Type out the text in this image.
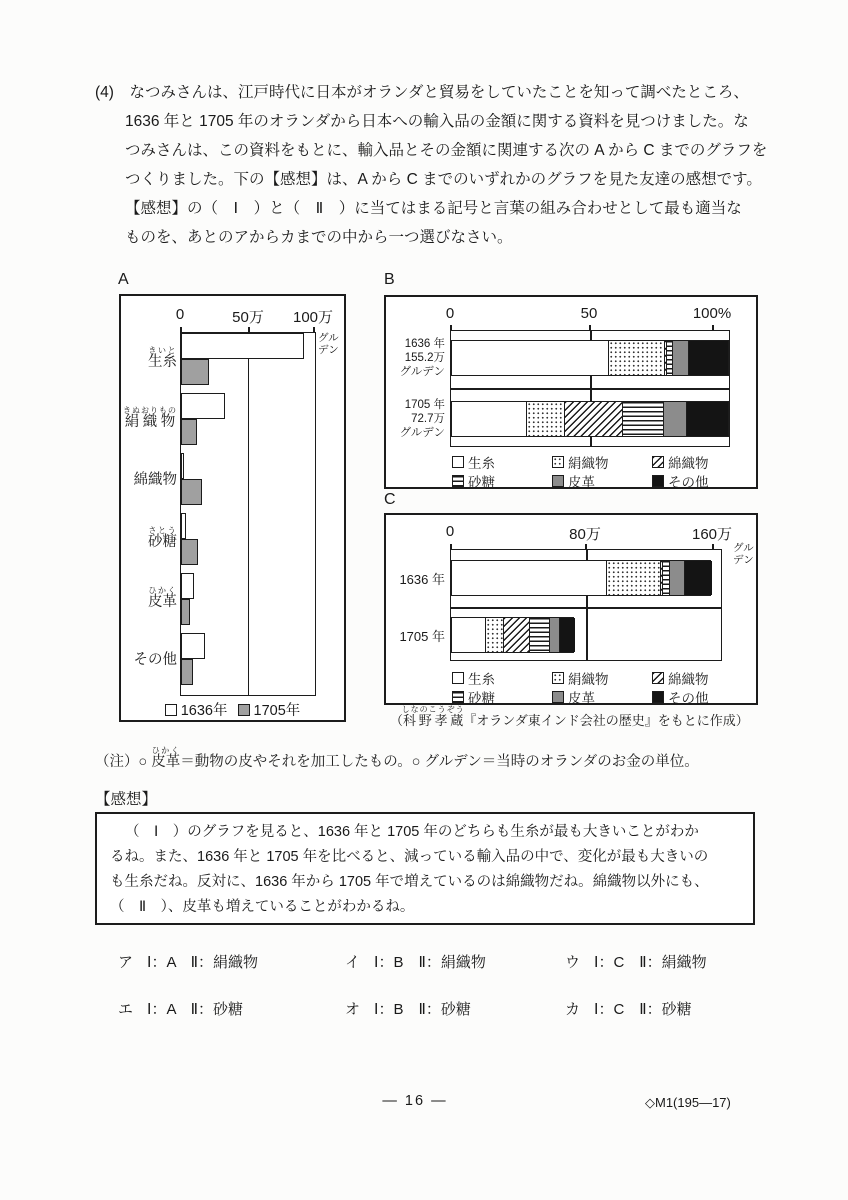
(4)　なつみさんは、江戸時代に日本がオランダと貿易をしていたことを知って調べたところ、
1636 年と 1705 年のオランダから日本への輸入品の金額に関する資料を見つけました。な
つみさんは、この資料をもとに、輸入品とその金額に関連する次の A から C までのグラフを
つくりました。下の【感想】は、A から C までのいずれかのグラフを見た友達の感想です。
【感想】の（　Ⅰ　）と（　Ⅱ　）に当てはまる記号と言葉の組み合わせとして最も適当な
ものを、あとのアからカまでの中から一つ選びなさい。
A
0	50万 100万
グル
デン
生糸きいと
絹織物きぬおりもの
綿織物
砂糖さとう
皮革ひかく
その他
1636年 1705年
B
0	50	100%
1636 年
155.2万
グルデン
1705 年
72.7万
グルデン
生糸	絹織物	綿織物
砂糖	皮革	その他
C
0	80万	160万
グル
デン
1636 年
1705 年
生糸	絹織物	綿織物
砂糖	皮革	その他
（科野孝蔵しなのこうぞう『オランダ東インド会社の歴史』をもとに作成）
（注）○ 皮革ひかく＝動物の皮やそれを加工したもの。○ グルデン＝当時のオランダのお金の単位。
【感想】
（　Ⅰ　）のグラフを見ると、1636 年と 1705 年のどちらも生糸が最も大きいことがわか
るね。また、1636 年と 1705 年を比べると、減っている輸入品の中で、変化が最も大きいの
も生糸だね。反対に、1636 年から 1705 年で増えているのは綿織物だね。綿織物以外にも、
（　Ⅱ　）、皮革も増えていることがわかるね。
ア Ⅰ：A　Ⅱ：絹織物	イ Ⅰ：B　Ⅱ：絹織物	ウ Ⅰ：C　Ⅱ：絹織物
エ Ⅰ：A　Ⅱ：砂糖	オ Ⅰ：B　Ⅱ：砂糖	カ Ⅰ：C　Ⅱ：砂糖
— 16 —	◇M1(195—17)
